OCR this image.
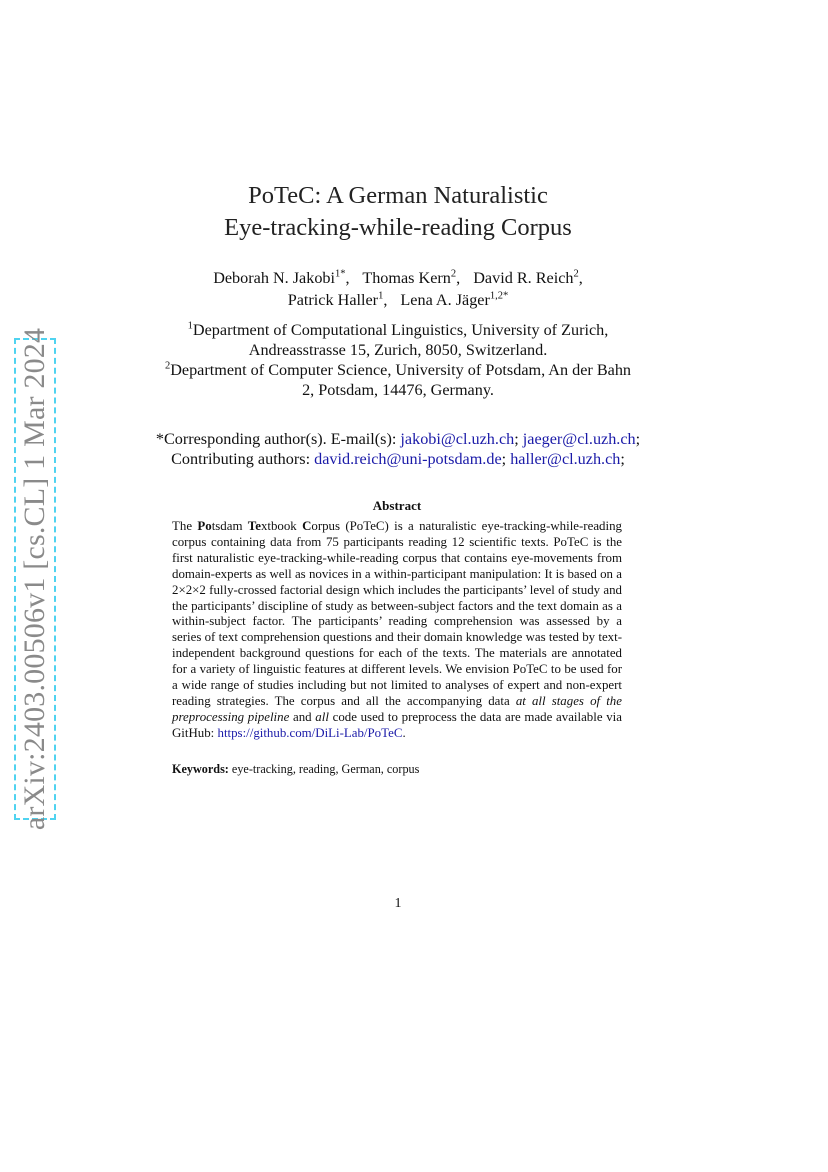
arXiv:2403.00506v1 [cs.CL] 1 Mar 2024
PoTeC: A German Naturalistic
Eye-tracking-while-reading Corpus
Deborah N. Jakobi$^{1*}$, Thomas Kern$^2$, David R. Reich$^2$,
Patrick Haller$^1$, Lena A. Jäger$^{1,2*}$
$^1$Department of Computational Linguistics, University of Zurich,
Andreasstrasse 15, Zurich, 8050, Switzerland.
$^2$Department of Computer Science, University of Potsdam, An der Bahn
2, Potsdam, 14476, Germany.
*Corresponding author(s). E-mail(s): jakobi@cl.uzh.ch; jaeger@cl.uzh.ch;
Contributing authors: david.reich@uni-potsdam.de; haller@cl.uzh.ch;
Abstract
The Potsdam Textbook Corpus (PoTeC) is a naturalistic eye-tracking-while-reading corpus containing data from 75 participants reading 12 scientific texts. PoTeC is the first naturalistic eye-tracking-while-reading corpus that contains eye-movements from domain-experts as well as novices in a within-participant manipulation: It is based on a 2×2×2 fully-crossed factorial design which includes the participants’ level of study and the participants’ discipline of study as between-subject factors and the text domain as a within-subject factor. The participants’ reading comprehension was assessed by a series of text comprehension questions and their domain knowledge was tested by text-independent background questions for each of the texts. The materials are annotated for a variety of linguistic features at different levels. We envision PoTeC to be used for a wide range of studies including but not limited to analyses of expert and non-expert reading strategies. The corpus and all the accompanying data at all stages of the preprocessing pipeline and all code used to preprocess the data are made available via GitHub: https://github.com/DiLi-Lab/PoTeC.
Keywords: eye-tracking, reading, German, corpus
1
